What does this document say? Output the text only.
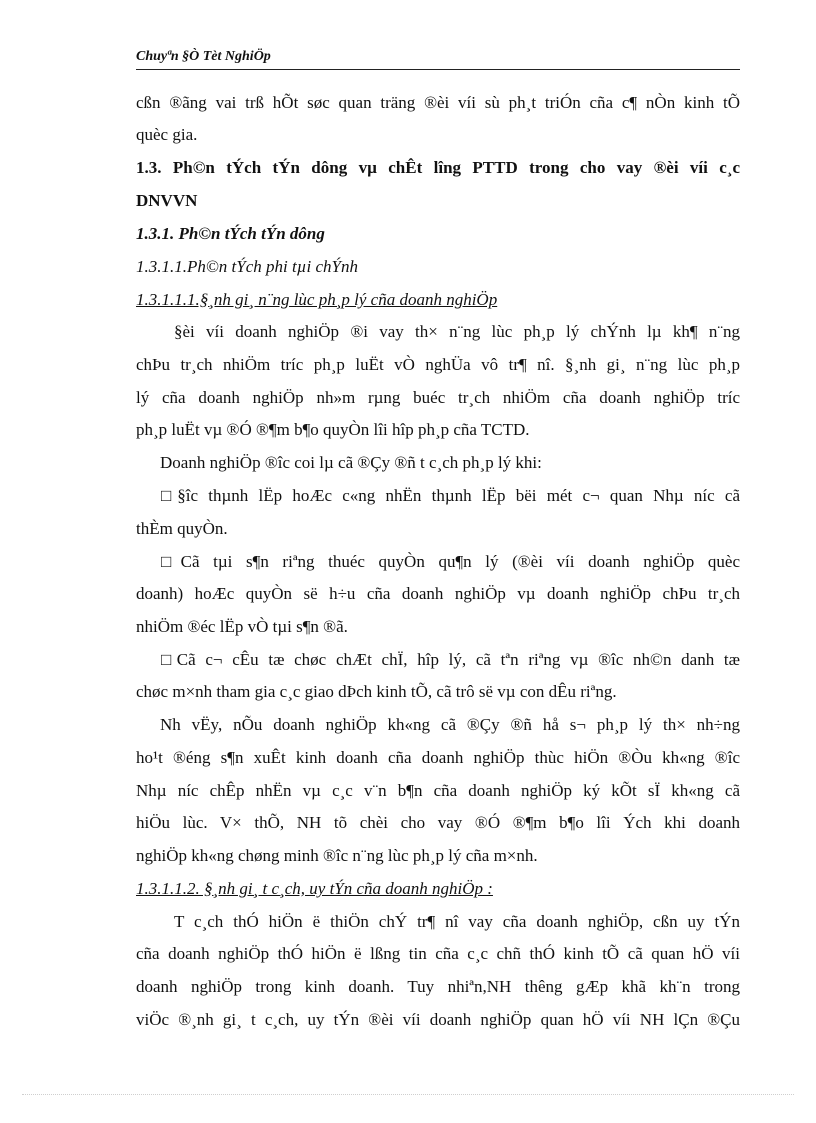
Chuyªn §Ò Tèt NghiÖp
cßn ®ãng vai trß hÕt søc quan träng ®èi víi sù ph¸t triÓn cña c¶ nÒn kinh tÕ
quèc gia.
1.3. Ph©n tÝch tÝn dông vµ chÊt lîng PTTD trong cho vay ®èi víi c¸c
DNVVN
1.3.1. Ph©n tÝch tÝn dông
1.3.1.1.Ph©n tÝch phi tµi chÝnh
1.3.1.1.1.§¸nh gi¸ n¨ng lùc ph¸p lý cña doanh nghiÖp
§èi víi doanh nghiÖp ®i vay th× n¨ng lùc ph¸p lý chÝnh lµ kh¶ n¨ng
chÞu tr¸ch nhiÖm tríc ph¸p luËt vÒ nghÜa vô tr¶ nî. §¸nh gi¸ n¨ng lùc ph¸p
lý cña doanh nghiÖp nh»m rµng buéc tr¸ch nhiÖm cña doanh nghiÖp tríc
ph¸p luËt vµ ®Ó ®¶m b¶o quyÒn lîi hîp ph¸p cña TCTD.
Doanh nghiÖp ®îc coi lµ cã ®Çy ®ñ t c¸ch ph¸p lý khi:
□§îc thµnh lËp hoÆc c«ng nhËn thµnh lËp bëi mét c¬ quan Nhµ níc cã
thÈm quyÒn.
□Cã tµi s¶n riªng thuéc quyÒn qu¶n lý (®èi víi doanh nghiÖp quèc
doanh) hoÆc quyÒn së h÷u cña doanh nghiÖp vµ doanh nghiÖp chÞu tr¸ch
nhiÖm ®éc lËp vÒ tµi s¶n ®ã.
□Cã c¬ cÊu tæ chøc chÆt chÏ, hîp lý, cã tªn riªng vµ ®îc nh©n danh tæ
chøc m×nh tham gia c¸c giao dÞch kinh tÕ, cã trô së vµ con dÊu riªng.
Nh vËy, nÕu doanh nghiÖp kh«ng cã ®Çy ®ñ hå s¬ ph¸p lý th× nh÷ng
ho¹t ®éng s¶n xuÊt kinh doanh cña doanh nghiÖp thùc hiÖn ®Òu kh«ng ®îc
Nhµ níc chÊp nhËn vµ c¸c v¨n b¶n cña doanh nghiÖp ký kÕt sÏ kh«ng cã
hiÖu lùc. V× thÕ, NH tõ chèi cho vay ®Ó ®¶m b¶o lîi Ých khi doanh
nghiÖp kh«ng chøng minh ®îc n¨ng lùc ph¸p lý cña m×nh.
1.3.1.1.2. §¸nh gi¸ t c¸ch, uy tÝn cña doanh nghiÖp :
T c¸ch thÓ hiÖn ë thiÖn chÝ tr¶ nî vay cña doanh nghiÖp, cßn uy tÝn
cña doanh nghiÖp thÓ hiÖn ë lßng tin cña c¸c chñ thÓ kinh tÕ cã quan hÖ víi
doanh nghiÖp trong kinh doanh. Tuy nhiªn,NH thêng gÆp khã kh¨n trong
viÖc ®¸nh gi¸ t c¸ch, uy tÝn ®èi víi doanh nghiÖp quan hÖ víi NH lÇn ®Çu
